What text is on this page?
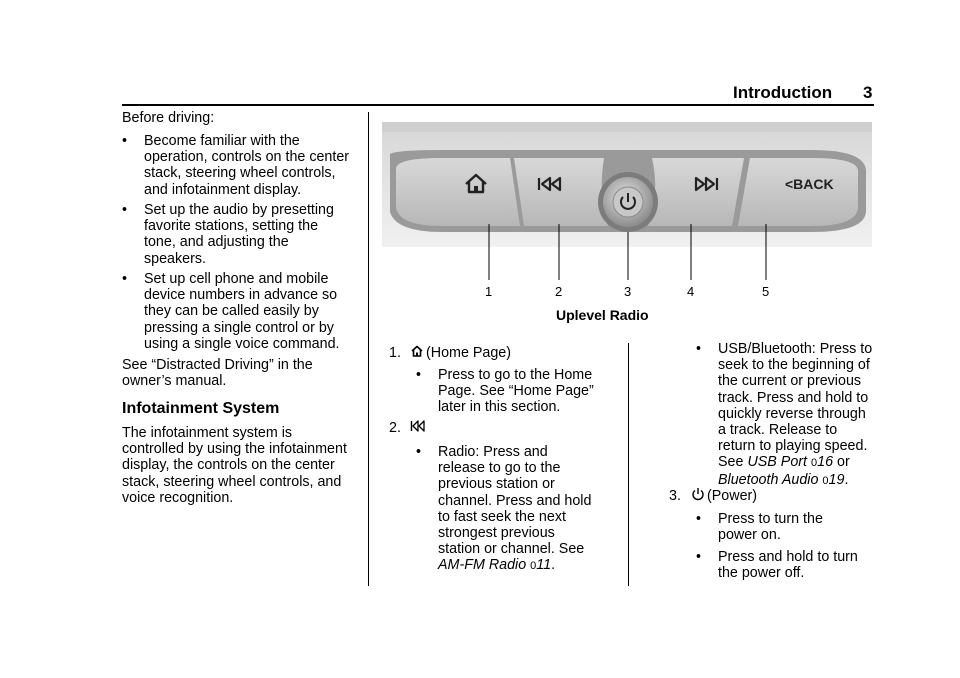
Introduction 3
Before driving:
• Become familiar with the
operation, controls on the center
stack, steering wheel controls,
and infotainment display.
• Set up the audio by presetting
favorite stations, setting the
tone, and adjusting the
speakers.
• Set up cell phone and mobile
device numbers in advance so
they can be called easily by
pressing a single control or by
using a single voice command.
See “Distracted Driving” in the
owner’s manual.
Infotainment System
The infotainment system is
controlled by using the infotainment
display, the controls on the center
stack, steering wheel controls, and
voice recognition.
<BACK
1	2	3	4	5
Uplevel Radio
1. (Home Page)
• Press to go to the Home
Page. See “Home Page”
later in this section.
2.
• Radio: Press and
release to go to the
previous station or
channel. Press and hold
to fast seek the next
strongest previous
station or channel. See
AM-FM Radio 011.
• USB/Bluetooth: Press to
seek to the beginning of
the current or previous
track. Press and hold to
quickly reverse through
a track. Release to
return to playing speed.
See USB Port 016 or
Bluetooth Audio 019.
3. (Power)
• Press to turn the
power on.
• Press and hold to turn
the power off.
